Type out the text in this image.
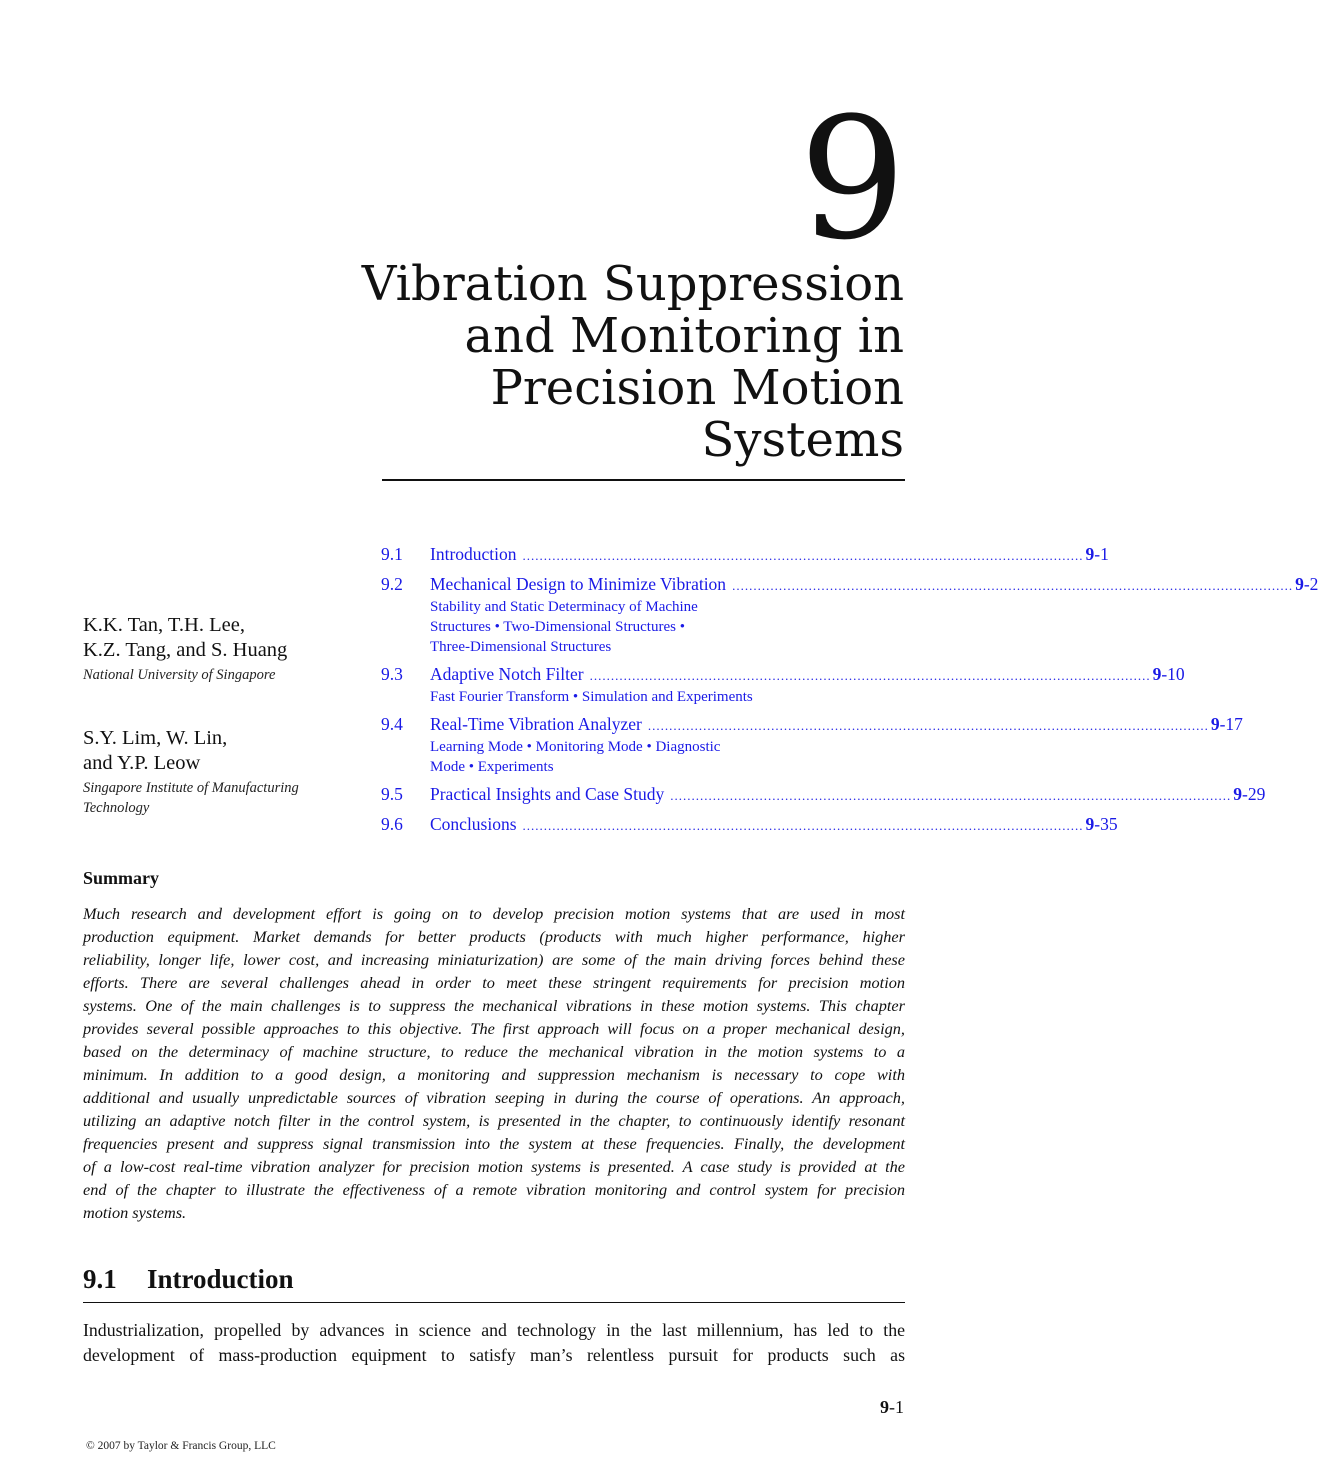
9
Vibration Suppression
and Monitoring in
Precision Motion
Systems
K.K. Tan, T.H. Lee,
K.Z. Tang, and S. Huang
National University of Singapore
S.Y. Lim, W. Lin,
and Y.P. Leow
Singapore Institute of Manufacturing
Technology
9.1	Introduction .................................................................................................................................... 9-1
9.2	Mechanical Design to Minimize Vibration .................................................................................................................................... 9-2
Stability and Static Determinacy of Machine
Structures • Two-Dimensional Structures •
Three-Dimensional Structures
9.3	Adaptive Notch Filter .................................................................................................................................... 9-10
Fast Fourier Transform • Simulation and Experiments
9.4	Real-Time Vibration Analyzer .................................................................................................................................... 9-17
Learning Mode • Monitoring Mode • Diagnostic
Mode • Experiments
9.5	Practical Insights and Case Study .................................................................................................................................... 9-29
9.6	Conclusions .................................................................................................................................... 9-35
Summary
Much research and development effort is going on to develop precision motion systems that are used in most
production equipment. Market demands for better products (products with much higher performance, higher
reliability, longer life, lower cost, and increasing miniaturization) are some of the main driving forces behind these
efforts. There are several challenges ahead in order to meet these stringent requirements for precision motion
systems. One of the main challenges is to suppress the mechanical vibrations in these motion systems. This chapter
provides several possible approaches to this objective. The first approach will focus on a proper mechanical design,
based on the determinacy of machine structure, to reduce the mechanical vibration in the motion systems to a
minimum. In addition to a good design, a monitoring and suppression mechanism is necessary to cope with
additional and usually unpredictable sources of vibration seeping in during the course of operations. An approach,
utilizing an adaptive notch filter in the control system, is presented in the chapter, to continuously identify resonant
frequencies present and suppress signal transmission into the system at these frequencies. Finally, the development
of a low-cost real-time vibration analyzer for precision motion systems is presented. A case study is provided at the
end of the chapter to illustrate the effectiveness of a remote vibration monitoring and control system for precision
motion systems.
9.1 Introduction
Industrialization, propelled by advances in science and technology in the last millennium, has led to the
development of mass-production equipment to satisfy man’s relentless pursuit for products such as
9-1
© 2007 by Taylor & Francis Group, LLC
